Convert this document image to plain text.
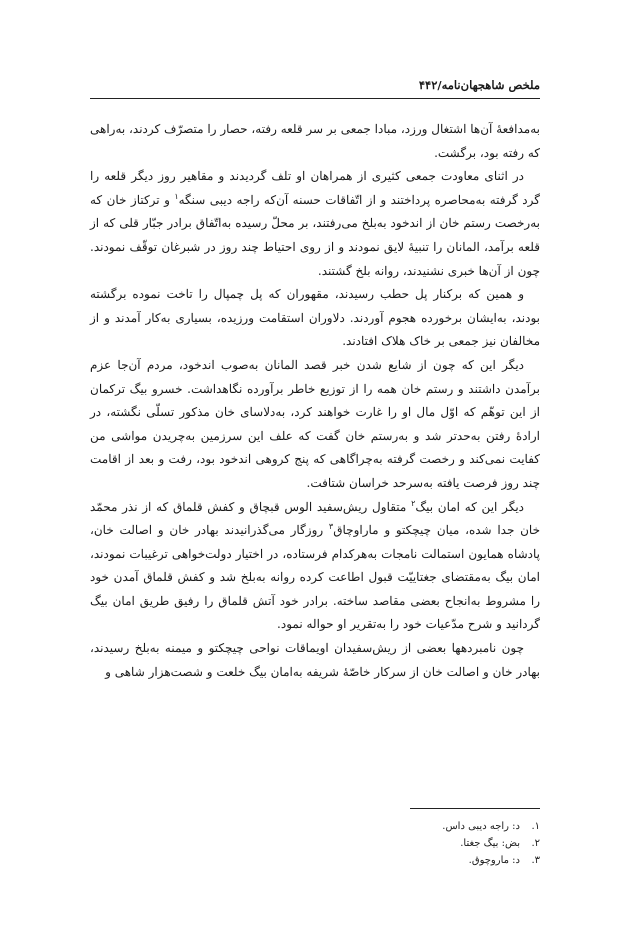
ملخص شاهجهان‌نامه/۴۴۲

به‌مدافعهٔ آن‌ها اشتغال ورزد، مبادا جمعی بر سر قلعه رفته، حصار را متصرّف کردند، به‌راهی که رفته بود، برگشت.

در اثنای معاودت جمعی کثیری از همراهان او تلف گردیدند و مقاهیر روز دیگر قلعه را گرد گرفته به‌محاصره پرداختند و از اتّفاقات حسنه آن‌که راجه دیبی سنگه$^۱$ و ترکتاز خان که به‌رخصت رستم خان از اندخود به‌بلخ می‌رفتند، بر محلّ رسیده به‌اتّفاق برادر جبّار قلی که از قلعه برآمد، المانان را تنبیهٔ لایق نمودند و از روی احتیاط چند روز در شبرغان توقّف نمودند. چون از آن‌ها خبری نشنیدند، روانه بلخ گشتند.

و همین که برکنار پل حطب رسیدند، مقهوران که پل چمپال را تاخت نموده برگشته بودند، به‌ایشان برخورده هجوم آوردند. دلاوران استقامت ورزیده، بسیاری به‌کار آمدند و از مخالفان نیز جمعی بر خاک هلاک افتادند.

دیگر این که چون از شایع شدن خبر قصد المانان به‌صوب اندخود، مردم آن‌جا عزم برآمدن داشتند و رستم خان همه را از توزیع خاطر برآورده نگاهداشت. خسرو بیگ ترکمان از این توهّم که اوّل مال او را غارت خواهند کرد، به‌دلاسای خان مذکور تسلّی نگشته، در ارادهٔ رفتن به‌حدتر شد و به‌رستم خان گفت که علف این سرزمین به‌چریدن مواشی من کفایت نمی‌کند و رخصت گرفته به‌چراگاهی که پنج کروهی اندخود بود، رفت و بعد از اقامت چند روز فرصت یافته به‌سرحد خراسان شتافت.

دیگر این که امان بیگ$^۲$ متقاول ریش‌سفید الوس قبچاق و کفش قلماق که از نذر محمّد خان جدا شده، میان چیچکتو و ماراوچاق$^۳$ روزگار می‌گذرانیدند بهادر خان و اصالت خان، پادشاه همایون استمالت نامجات به‌هرکدام فرستاده، در اختیار دولت‌خواهی ترغیبات نمودند، امان بیگ به‌مقتضای جغتاییّت قبول اطاعت کرده روانه به‌بلخ شد و کفش قلماق آمدن خود را مشروط به‌انجاح بعضی مقاصد ساخته. برادر خود آتش قلماق را رفیق طریق امان بیگ گردانید و شرح مدّعیات خود را به‌تقریر او حواله نمود.

چون نامبردهها بعضی از ریش‌سفیدان اویماقات نواحی چیچکتو و میمنه به‌بلخ رسیدند، بهادر خان و اصالت خان از سرکار خاصّهٔ شریفه به‌امان بیگ خلعت و شصت‌هزار شاهی و

۱.د: راجه دیبی داس.
۲.بض: بیگ جغتا.
۳.د: ماروچوق.
